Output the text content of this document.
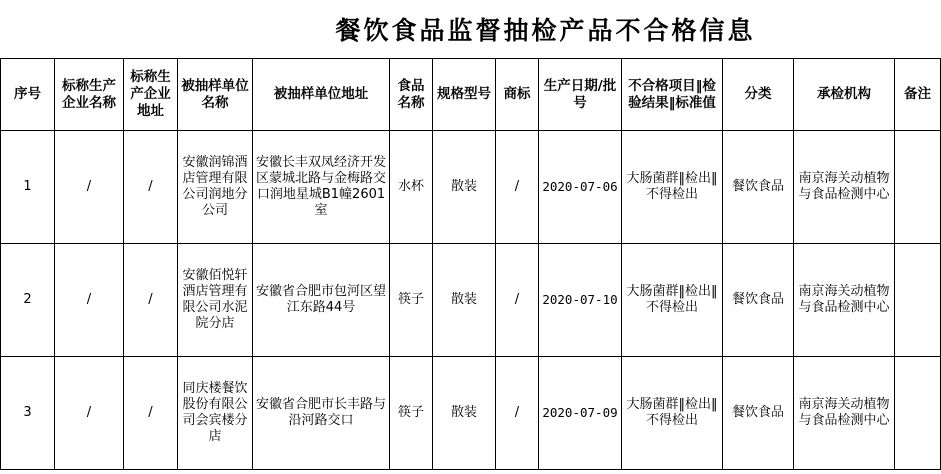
餐饮食品监督抽检产品不合格信息
序号	标称生产企业名称	标称生产企业地址	被抽样单位名称	被抽样单位地址	食品名称	规格型号	商标	生产日期/批号	不合格项目‖检验结果‖标准值	分类	承检机构	备注
1	/	/	安徽润锦酒店管理有限公司润地分公司	安徽长丰双凤经济开发区蒙城北路与金梅路交口润地星城B1幢2601室	水杯	散装	/	2020-07-06	大肠菌群‖检出‖不得检出	餐饮食品	南京海关动植物与食品检测中心	
2	/	/	安徽佰悦轩酒店管理有限公司水泥院分店	安徽省合肥市包河区望江东路44号	筷子	散装	/	2020-07-10	大肠菌群‖检出‖不得检出	餐饮食品	南京海关动植物与食品检测中心	
3	/	/	同庆楼餐饮股份有限公司会宾楼分店	安徽省合肥市长丰路与沿河路交口	筷子	散装	/	2020-07-09	大肠菌群‖检出‖不得检出	餐饮食品	南京海关动植物与食品检测中心	
